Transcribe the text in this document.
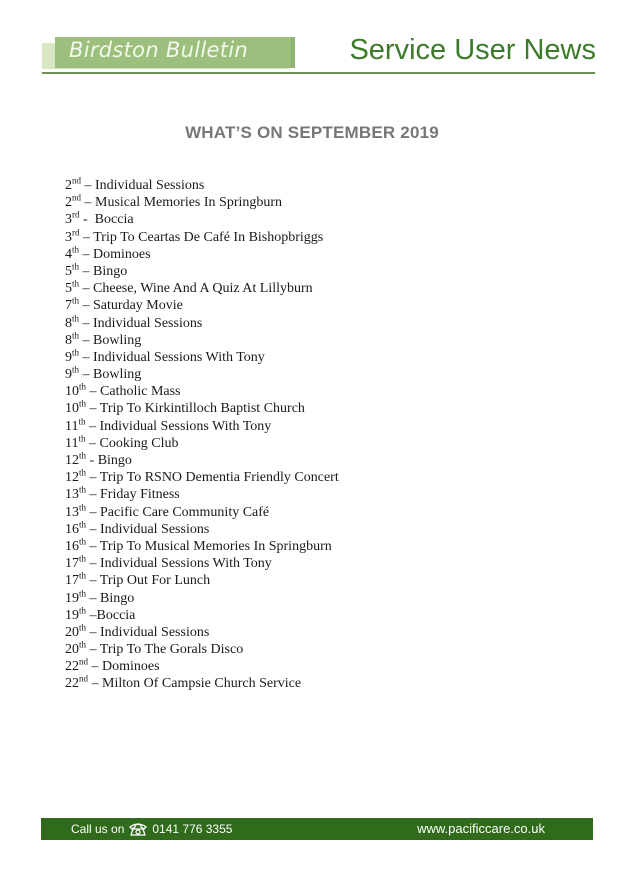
Birdston Bulletin	Service User News
WHAT’S ON SEPTEMBER 2019
2nd – Individual Sessions
2nd – Musical Memories In Springburn
3rd -  Boccia
3rd – Trip To Ceartas De Café In Bishopbriggs
4th – Dominoes
5th – Bingo
5th – Cheese, Wine And A Quiz At Lillyburn
7th – Saturday Movie
8th – Individual Sessions
8th – Bowling
9th – Individual Sessions With Tony
9th – Bowling
10th – Catholic Mass
10th – Trip To Kirkintilloch Baptist Church
11th – Individual Sessions With Tony
11th – Cooking Club
12th - Bingo
12th – Trip To RSNO Dementia Friendly Concert
13th – Friday Fitness
13th – Pacific Care Community Café
16th – Individual Sessions
16th – Trip To Musical Memories In Springburn
17th – Individual Sessions With Tony
17th – Trip Out For Lunch
19th – Bingo
19th –Boccia
20th – Individual Sessions
20th – Trip To The Gorals Disco
22nd – Dominoes
22nd – Milton Of Campsie Church Service
Call us on 0141 776 3355	www.pacificcare.co.uk
